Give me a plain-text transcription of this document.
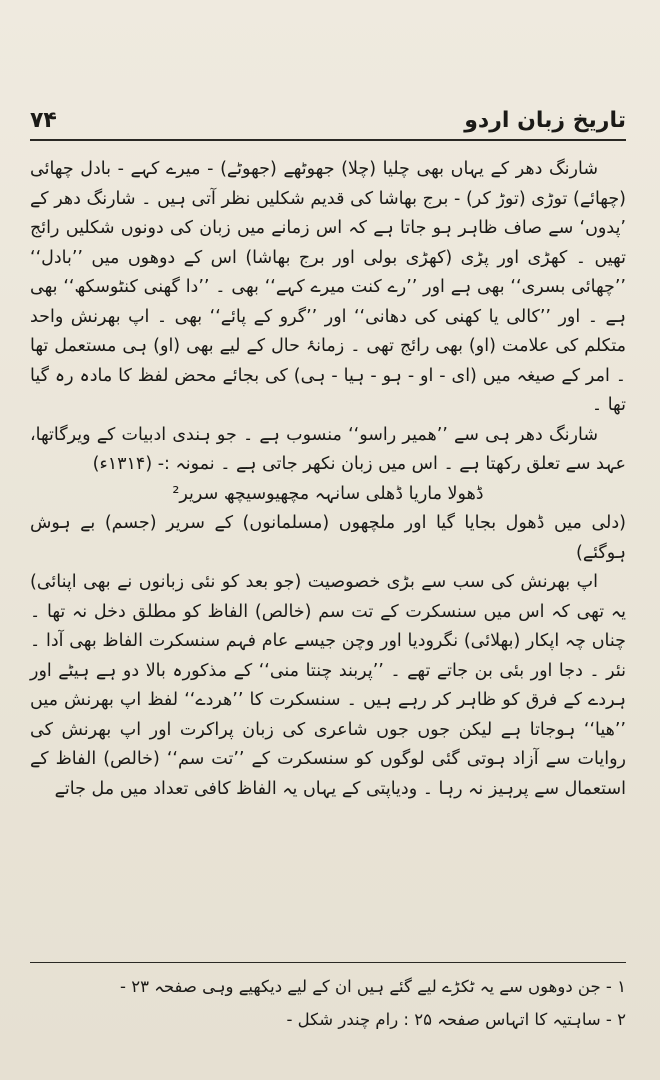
تاریخ زبان اردو
۷۴

شارنگ دھر کے یہاں بھی چلیا (چلا) جھوٹھے (جھوٹے) - میرے کہے - بادل چھائی (چھائے) توڑی (توڑ کر) - برج بھاشا کی قدیم شکلیں نظر آتی ہیں ۔ شارنگ دھر کے ’پدوں‘ سے صاف ظاہر ہو جاتا ہے کہ اس زمانے میں زبان کی دونوں شکلیں رائج تھیں ۔ کھڑی اور پڑی (کھڑی بولی اور برج بھاشا) اس کے دوھوں میں ’’بادل‘‘ ’’چھائی بسری‘‘ بھی ہے اور ’’رے کنت میرے کہے‘‘ بھی ۔ ’’دا گھنی کنٹوسکھ‘‘ بھی ہے ۔ اور ’’کالی یا کھنی کی دھانی‘‘ اور ’’گرو کے پائے‘‘ بھی ۔ اپ بھرنش واحد متکلم کی علامت (او) بھی رائج تھی ۔ زمانۂ حال کے لیے بھی (او) ہی مستعمل تھا ۔ امر کے صیغہ میں (ای - او - ہو - ہیا - ہی) کی بجائے محض لفظ کا مادہ رہ گیا تھا ۔

شارنگ دھر ہی سے ’’ھمیر راسو‘‘ منسوب ہے ۔ جو ہندی ادبیات کے ویرگاتھا، عہد سے تعلق رکھتا ہے ۔ اس میں زبان نکھر جاتی ہے ۔ نمونہ :- (۱۳۱۴ء)

ڈھولا ماریا ڈھلی سانہہ مچھیوسیچھ سریر²

(دلی میں ڈھول بجایا گیا اور ملچھوں (مسلمانوں) کے سریر (جسم) بے ہوش ہوگئے)

اپ بھرنش کی سب سے بڑی خصوصیت (جو بعد کو نئی زبانوں نے بھی اپنائی) یہ تھی کہ اس میں سنسکرت کے تت سم (خالص) الفاظ کو مطلق دخل نہ تھا ۔ چناں چہ اپکار (بھلائی) نگرودیا اور وچن جیسے عام فہم سنسکرت الفاظ بھی آدا ۔ نئر ۔ دجا اور بئی بن جاتے تھے ۔ ’’پربند چنتا منی‘‘ کے مذکورہ بالا دو ہے ہیٹے اور ہردے کے فرق کو ظاہر کر رہے ہیں ۔ سنسکرت کا ’’ھردے‘‘ لفظ اپ بھرنش میں ’’ھیا‘‘ ہوجاتا ہے لیکن جوں جوں شاعری کی زبان پراکرت اور اپ بھرنش کی روایات سے آزاد ہوتی گئی لوگوں کو سنسکرت کے ’’تت سم‘‘ (خالص) الفاظ کے استعمال سے پرہیز نہ رہا ۔ ودیاپتی کے یہاں یہ الفاظ کافی تعداد میں مل جاتے

۱ - جن دوھوں سے یہ ٹکڑے لیے گئے ہیں ان کے لیے دیکھیے وہی صفحہ ۲۳ -

۲ - ساہتیہ کا اتہاس صفحہ ۲۵ : رام چندر شکل -
